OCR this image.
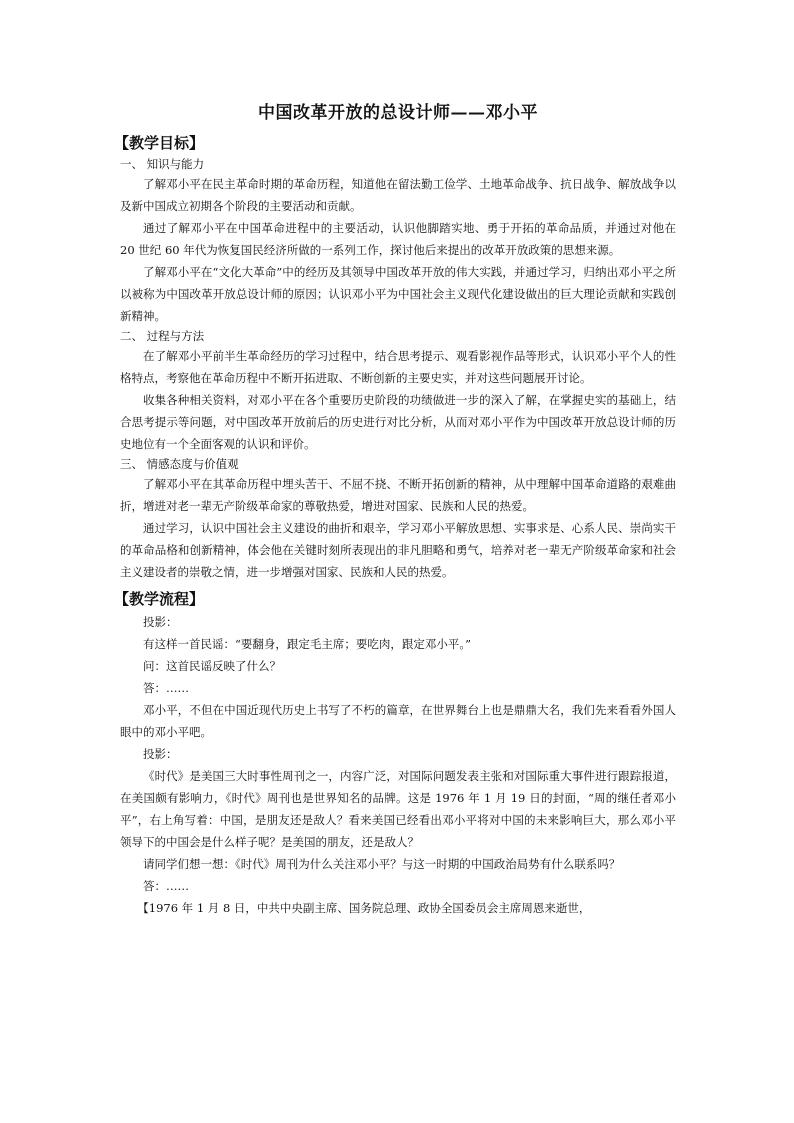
中国改革开放的总设计师——邓小平
【教学目标】

一、 知识与能力

了解邓小平在民主革命时期的革命历程，知道他在留法勤工俭学、土地革命战争、抗日战争、解放战争以及新中国成立初期各个阶段的主要活动和贡献。

通过了解邓小平在中国革命进程中的主要活动，认识他脚踏实地、勇于开拓的革命品质，并通过对他在 20 世纪 60 年代为恢复国民经济所做的一系列工作，探讨他后来提出的改革开放政策的思想来源。

了解邓小平在“文化大革命”中的经历及其领导中国改革开放的伟大实践，并通过学习，归纳出邓小平之所以被称为中国改革开放总设计师的原因；认识邓小平为中国社会主义现代化建设做出的巨大理论贡献和实践创新精神。

二、 过程与方法

在了解邓小平前半生革命经历的学习过程中，结合思考提示、观看影视作品等形式，认识邓小平个人的性格特点，考察他在革命历程中不断开拓进取、不断创新的主要史实，并对这些问题展开讨论。

收集各种相关资料，对邓小平在各个重要历史阶段的功绩做进一步的深入了解，在掌握史实的基础上，结合思考提示等问题，对中国改革开放前后的历史进行对比分析，从而对邓小平作为中国改革开放总设计师的历史地位有一个全面客观的认识和评价。

三、 情感态度与价值观

了解邓小平在其革命历程中埋头苦干、不屈不挠、不断开拓创新的精神，从中理解中国革命道路的艰难曲折，增进对老一辈无产阶级革命家的尊敬热爱，增进对国家、民族和人民的热爱。

通过学习，认识中国社会主义建设的曲折和艰辛，学习邓小平解放思想、实事求是、心系人民、崇尚实干的革命品格和创新精神，体会他在关键时刻所表现出的非凡胆略和勇气，培养对老一辈无产阶级革命家和社会主义建设者的崇敬之情，进一步增强对国家、民族和人民的热爱。

【教学流程】

投影：

有这样一首民谣：“要翻身，跟定毛主席；要吃肉，跟定邓小平。”

问：这首民谣反映了什么？

答：……

邓小平，不但在中国近现代历史上书写了不朽的篇章，在世界舞台上也是鼎鼎大名，我们先来看看外国人眼中的邓小平吧。

投影：

《时代》是美国三大时事性周刊之一，内容广泛，对国际问题发表主张和对国际重大事件进行跟踪报道，在美国颇有影响力，《时代》周刊也是世界知名的品牌。这是 1976 年 1 月 19 日的封面，“周的继任者邓小平”，右上角写着：中国，是朋友还是敌人？看来美国已经看出邓小平将对中国的未来影响巨大，那么邓小平领导下的中国会是什么样子呢？是美国的朋友，还是敌人？

请同学们想一想：《时代》周刊为什么关注邓小平？与这一时期的中国政治局势有什么联系吗？

答：……

【1976 年 1 月 8 日，中共中央副主席、国务院总理、政协全国委员会主席周恩来逝世，
